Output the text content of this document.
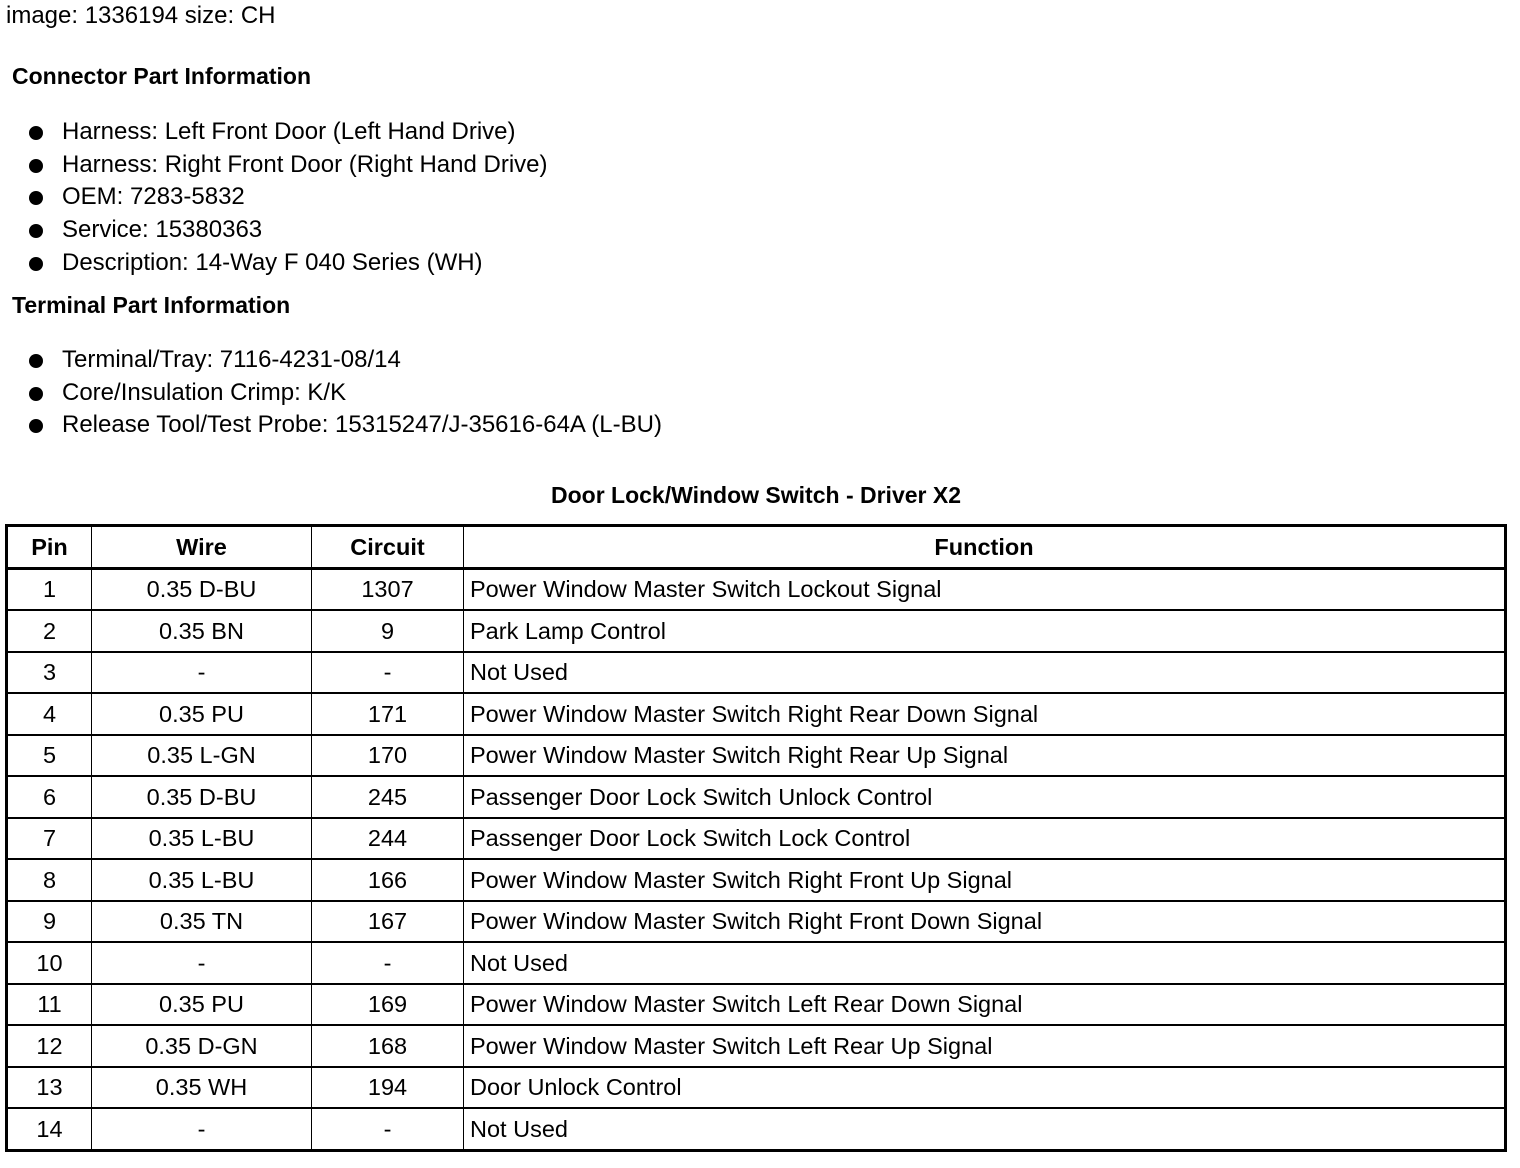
image: 1336194 size: CH
Connector Part Information
Harness: Left Front Door (Left Hand Drive)
Harness: Right Front Door (Right Hand Drive)
OEM: 7283-5832
Service: 15380363
Description: 14-Way F 040 Series (WH)
Terminal Part Information
Terminal/Tray: 7116-4231-08/14
Core/Insulation Crimp: K/K
Release Tool/Test Probe: 15315247/J-35616-64A (L-BU)
Door Lock/Window Switch - Driver X2
Pin	Wire	Circuit	Function
1	0.35 D-BU	1307	Power Window Master Switch Lockout Signal
2	0.35 BN	9	Park Lamp Control
3	-	-	Not Used
4	0.35 PU	171	Power Window Master Switch Right Rear Down Signal
5	0.35 L-GN	170	Power Window Master Switch Right Rear Up Signal
6	0.35 D-BU	245	Passenger Door Lock Switch Unlock Control
7	0.35 L-BU	244	Passenger Door Lock Switch Lock Control
8	0.35 L-BU	166	Power Window Master Switch Right Front Up Signal
9	0.35 TN	167	Power Window Master Switch Right Front Down Signal
10	-	-	Not Used
11	0.35 PU	169	Power Window Master Switch Left Rear Down Signal
12	0.35 D-GN	168	Power Window Master Switch Left Rear Up Signal
13	0.35 WH	194	Door Unlock Control
14	-	-	Not Used
